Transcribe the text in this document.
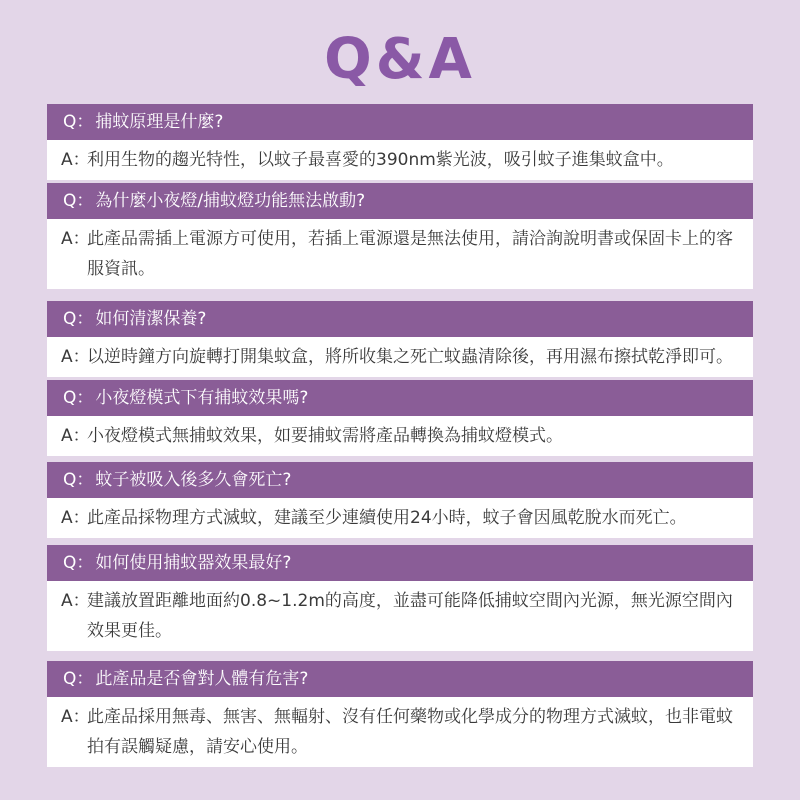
Q&A
Q： 捕蚊原理是什麼?
A：
利用生物的趨光特性，以蚊子最喜愛的390nm紫光波，吸引蚊子進集蚊盒中。
Q： 為什麼小夜燈/捕蚊燈功能無法啟動?
A：
此產品需插上電源方可使用，若插上電源還是無法使用，請洽詢說明書或保固卡上的客服資訊。
Q： 如何清潔保養?
A：
以逆時鐘方向旋轉打開集蚊盒，將所收集之死亡蚊蟲清除後，再用濕布擦拭乾淨即可。
Q： 小夜燈模式下有捕蚊效果嗎?
A：
小夜燈模式無捕蚊效果，如要捕蚊需將產品轉換為捕蚊燈模式。
Q： 蚊子被吸入後多久會死亡?
A：
此產品採物理方式滅蚊，建議至少連續使用24小時，蚊子會因風乾脫水而死亡。
Q： 如何使用捕蚊器效果最好?
A：
建議放置距離地面約0.8~1.2m的高度，並盡可能降低捕蚊空間內光源，無光源空間內效果更佳。
Q： 此產品是否會對人體有危害?
A：
此產品採用無毒、無害、無輻射、沒有任何藥物或化學成分的物理方式滅蚊，也非電蚊拍有誤觸疑慮，請安心使用。
